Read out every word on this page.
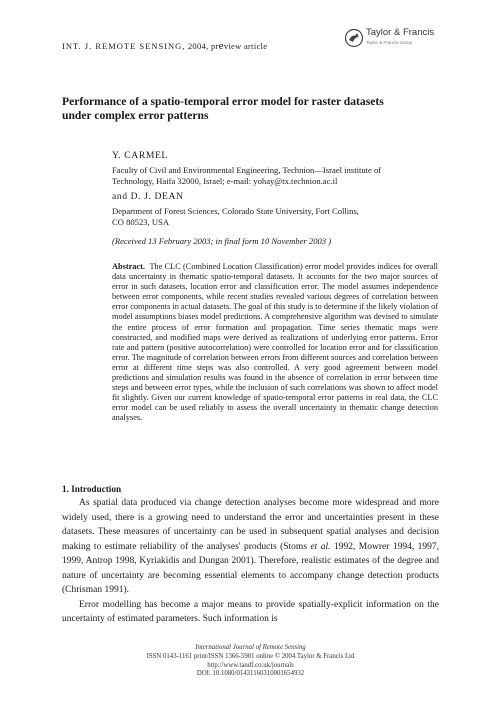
INT. J. REMOTE SENSING, 2004, preview article
Taylor & Francis
Taylor & Francis Group
Performance of a spatio-temporal error model for raster datasets
under complex error patterns
Y. CARMEL
Faculty of Civil and Environmental Engineering, Technion—Israel institute of
Technology, Haifa 32000, Israel; e-mail: yohay@tx.technion.ac.il
and D. J. DEAN
Department of Forest Sciences, Colorado State University, Fort Collins,
CO 80523, USA
(Received 13 February 2003; in final form 10 November 2003 )
Abstract. The CLC (Combined Location Classification) error model provides indices for overall data uncertainty in thematic spatio-temporal datasets. It accounts for the two major sources of error in such datasets, location error and classification error. The model assumes independence between error components, while recent studies revealed various degrees of correlation between error components in actual datasets. The goal of this study is to determine if the likely violation of model assumptions biases model predictions. A comprehensive algorithm was devised to simulate the entire process of error formation and propagation. Time series thematic maps were constructed, and modified maps were derived as realizations of underlying error patterns. Error rate and pattern (positive autocorrelation) were controlled for location error and for classification error. The magnitude of correlation between errors from different sources and correlation between error at different time steps was also controlled. A very good agreement between model predictions and simulation results was found in the absence of correlation in error between time steps and between error types, while the inclusion of such correlations was shown to affect model fit slightly. Given our current knowledge of spatio-temporal error patterns in real data, the CLC error model can be used reliably to assess the overall uncertainty in thematic change detection analyses.
1. Introduction

As spatial data produced via change detection analyses become more widespread and more widely used, there is a growing need to understand the error and uncertainties present in these datasets. These measures of uncertainty can be used in subsequent spatial analyses and decision making to estimate reliability of the analyses' products (Stoms et al. 1992, Mowrer 1994, 1997, 1999, Antrop 1998, Kyriakidis and Dungan 2001). Therefore, realistic estimates of the degree and nature of uncertainty are becoming essential elements to accompany change detection products (Chrisman 1991).

Error modelling has become a major means to provide spatially-explicit information on the uncertainty of estimated parameters. Such information is

International Journal of Remote Sensing
ISSN 0143-1161 print/ISSN 1366-5901 online © 2004 Taylor & Francis Ltd
http://www.tandf.co.uk/journals
DOI: 10.1080/01431160310001654932
